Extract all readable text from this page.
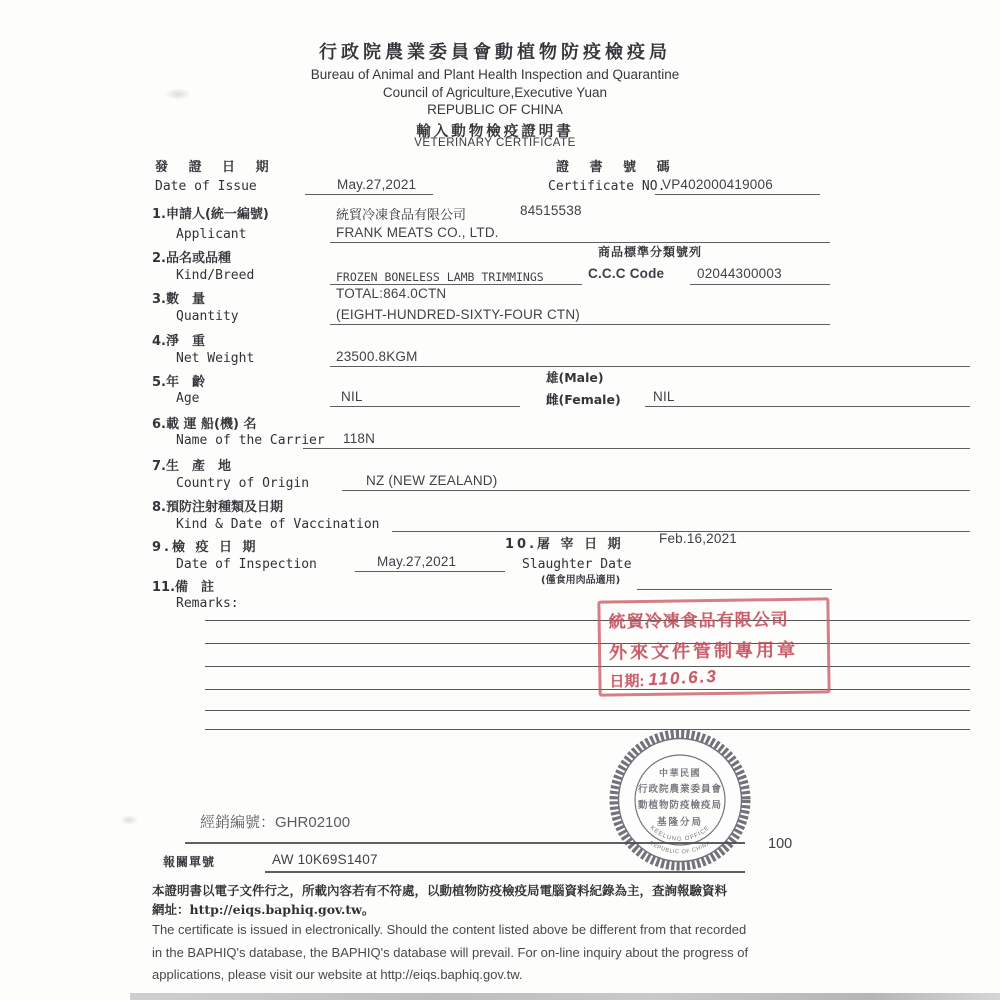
行政院農業委員會動植物防疫檢疫局
Bureau of Animal and Plant Health Inspection and Quarantine
Council of Agriculture,Executive Yuan
REPUBLIC OF CHINA
輸入動物檢疫證明書
VETERINARY CERTIFICATE
發 證 日 期
Date of Issue	May.27,2021
證 書 號 碼
Certificate NO.
VP402000419006
1.申請人(統一編號)	統貿冷凍食品有限公司	84515538
Applicant	FRANK MEATS CO., LTD.
2.品名或品種	商品標準分類號列
Kind/Breed	FROZEN BONELESS LAMB TRIMMINGS	C.C.C Code 02044300003
3.數　量	TOTAL:864.0CTN
Quantity	(EIGHT-HUNDRED-SIXTY-FOUR CTN)
4.淨　重
Net Weight	23500.8KGM
5.年　齡	雄(Male)
Age	NIL	雌(Female) NIL
6.載 運 船(機) 名
Name of the Carrier 118N
7.生　產　地
Country of Origin	NZ (NEW ZEALAND)
8.預防注射種類及日期
Kind & Date of Vaccination
9.檢 疫 日 期	10.屠 宰 日 期	Feb.16,2021
Date of Inspection	May.27,2021	Slaughter Date
11.備　註	(僅食用肉品適用)
Remarks:
統貿冷凍食品有限公司
外來文件管制專用章
日期: 110.6.3
中華民國
行政院農業委員會
動植物防疫檢疫局
基隆分局
KEELUNG OFFICE
REPUBLIC OF CHINA
經銷編號：GHR02100
報關單號	AW 10K69S1407
100
本證明書以電子文件行之，所載內容若有不符處，以動植物防疫檢疫局電腦資料紀錄為主，查詢報驗資料
網址：http://eiqs.baphiq.gov.tw。
The certificate is issued in electronically. Should the content listed above be different from that recorded
in the BAPHIQ's database, the BAPHIQ's database will prevail. For on-line inquiry about the progress of
applications, please visit our website at http://eiqs.baphiq.gov.tw.
